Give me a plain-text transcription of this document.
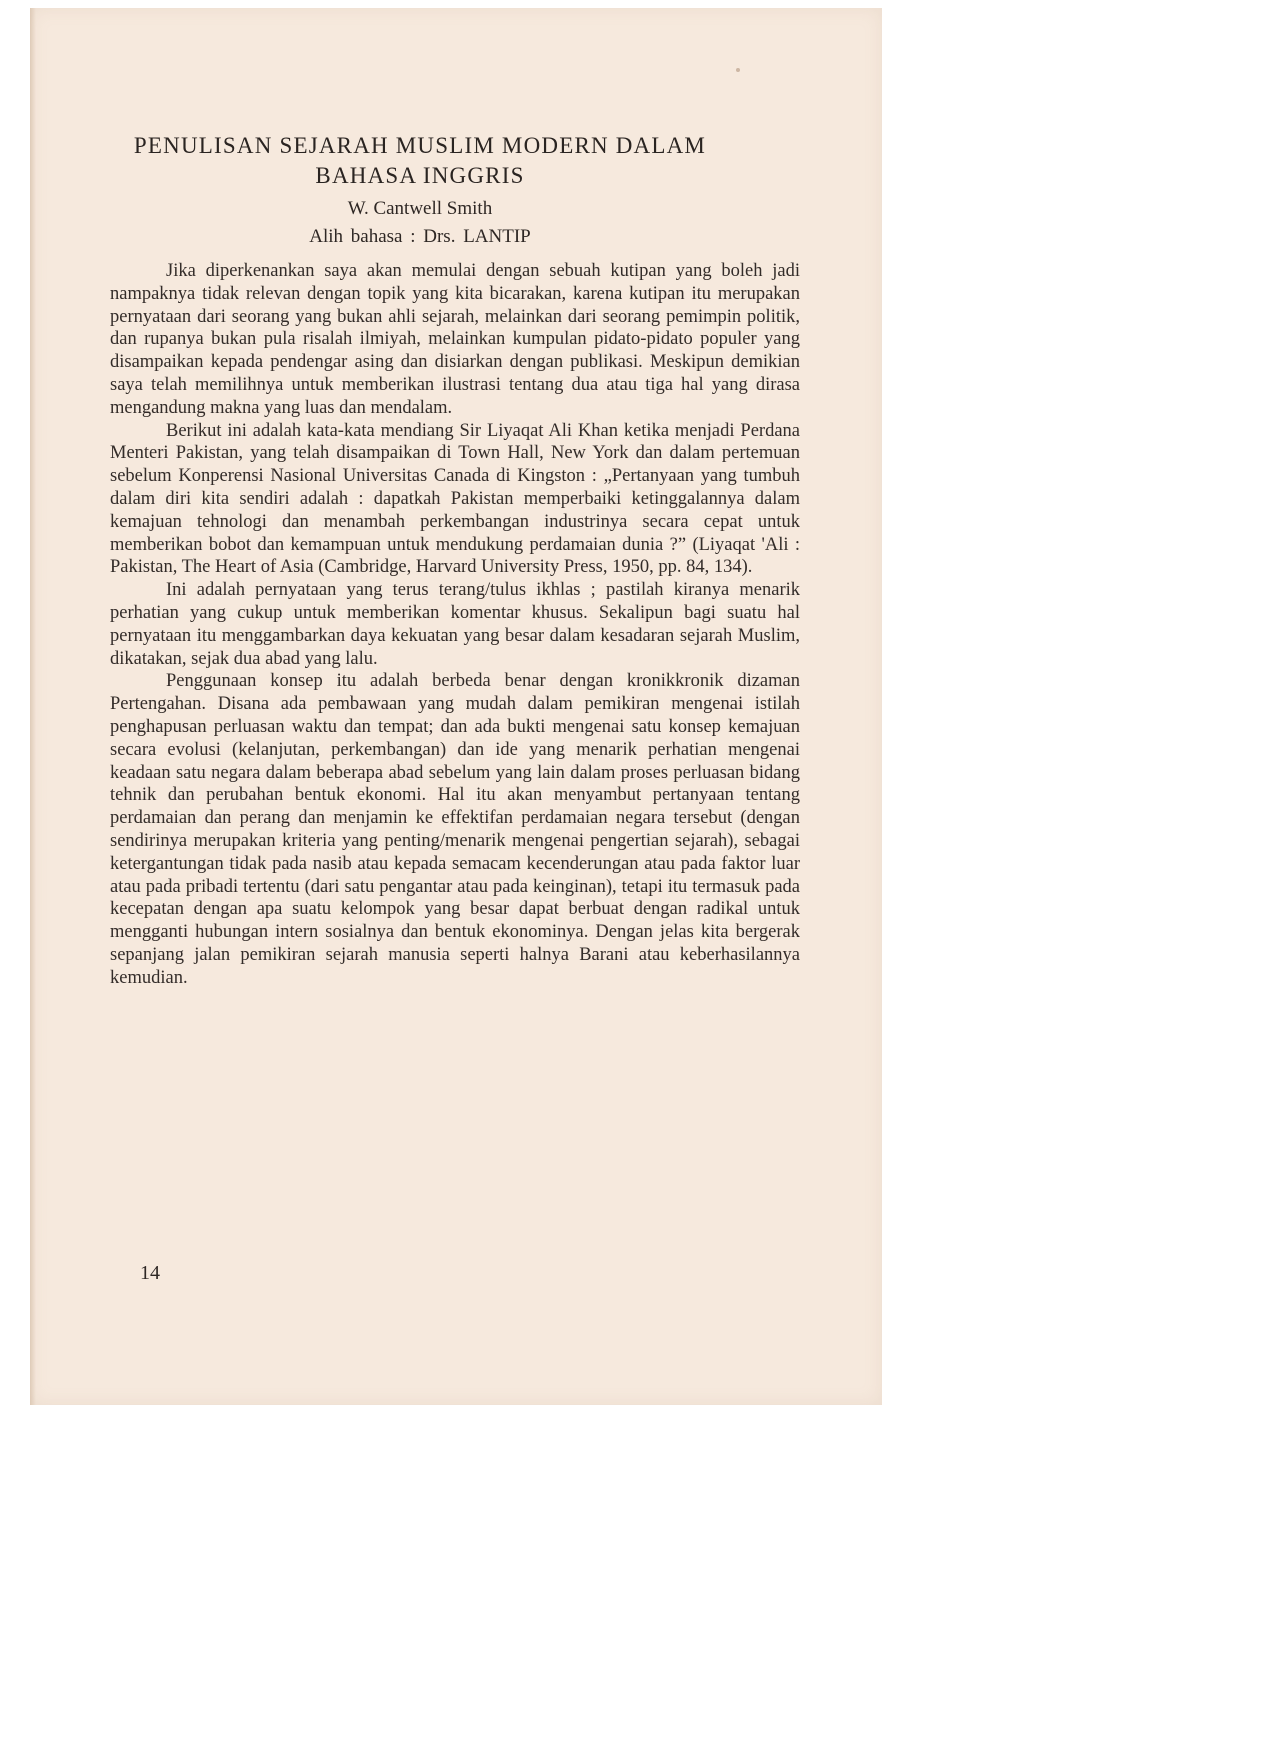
PENULISAN SEJARAH MUSLIM MODERN DALAM BAHASA INGGRIS
W. Cantwell Smith
Alih bahasa : Drs. LANTIP

Jika diperkenankan saya akan memulai dengan sebuah kutipan yang boleh jadi nampaknya tidak relevan dengan topik yang kita bicarakan, karena kutipan itu merupakan pernyataan dari seorang yang bukan ahli sejarah, melainkan dari seorang pemimpin politik, dan rupanya bukan pula risalah ilmiyah, melainkan kumpulan pidato-pidato populer yang disampaikan kepada pendengar asing dan disiarkan dengan publikasi. Meskipun demikian saya telah memilihnya untuk memberikan ilustrasi tentang dua atau tiga hal yang dirasa mengandung makna yang luas dan mendalam.

Berikut ini adalah kata-kata mendiang Sir Liyaqat Ali Khan ketika menjadi Perdana Menteri Pakistan, yang telah disampaikan di Town Hall, New York dan dalam pertemuan sebelum Konperensi Nasional Universitas Canada di Kingston : „Pertanyaan yang tumbuh dalam diri kita sendiri adalah : dapatkah Pakistan memperbaiki ketinggalannya dalam kemajuan tehnologi dan menambah perkembangan industrinya secara cepat untuk memberikan bobot dan kemampuan untuk mendukung perdamaian dunia ?” (Liyaqat 'Ali : Pakistan, The Heart of Asia (Cambridge, Harvard University Press, 1950, pp. 84, 134).

Ini adalah pernyataan yang terus terang/tulus ikhlas ; pastilah kiranya menarik perhatian yang cukup untuk memberikan komentar khusus. Sekalipun bagi suatu hal pernyataan itu menggambarkan daya kekuatan yang besar dalam kesadaran sejarah Muslim, dikatakan, sejak dua abad yang lalu.

Penggunaan konsep itu adalah berbeda benar dengan kronikkronik dizaman Pertengahan. Disana ada pembawaan yang mudah dalam pemikiran mengenai istilah penghapusan perluasan waktu dan tempat; dan ada bukti mengenai satu konsep kemajuan secara evolusi (kelanjutan, perkembangan) dan ide yang menarik perhatian mengenai keadaan satu negara dalam beberapa abad sebelum yang lain dalam proses perluasan bidang tehnik dan perubahan bentuk ekonomi. Hal itu akan menyambut pertanyaan tentang perdamaian dan perang dan menjamin ke effektifan perdamaian negara tersebut (dengan sendirinya merupakan kriteria yang penting/menarik mengenai pengertian sejarah), sebagai ketergantungan tidak pada nasib atau kepada semacam kecenderungan atau pada faktor luar atau pada pribadi tertentu (dari satu pengantar atau pada keinginan), tetapi itu termasuk pada kecepatan dengan apa suatu kelompok yang besar dapat berbuat dengan radikal untuk mengganti hubungan intern sosialnya dan bentuk ekonominya. Dengan jelas kita bergerak sepanjang jalan pemikiran sejarah manusia seperti halnya Barani atau keberhasilannya kemudian.

14
